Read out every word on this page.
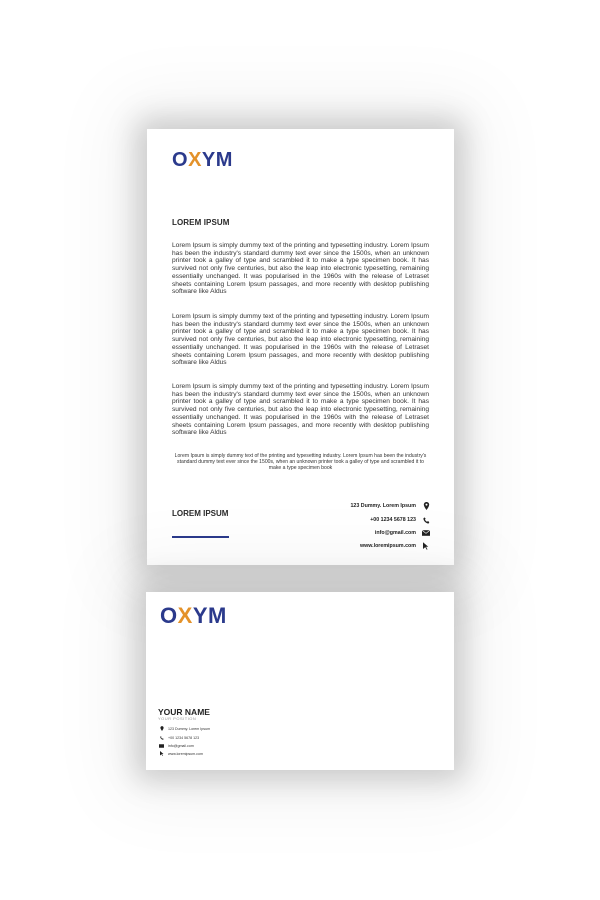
O X YM
LOREM IPSUM

Lorem Ipsum is simply dummy text of the printing and typesetting industry. Lorem Ipsum has been the industry's standard dummy text ever since the 1500s, when an unknown printer took a galley of type and scrambled it to make a type specimen book. It has survived not only five centuries, but also the leap into electronic typesetting, remaining essentially unchanged. It was popularised in the 1960s with the release of Letraset sheets containing Lorem Ipsum passages, and more recently with desktop publishing software like Aldus

Lorem Ipsum is simply dummy text of the printing and typesetting industry. Lorem Ipsum has been the industry's standard dummy text ever since the 1500s, when an unknown printer took a galley of type and scrambled it to make a type specimen book. It has survived not only five centuries, but also the leap into electronic typesetting, remaining essentially unchanged. It was popularised in the 1960s with the release of Letraset sheets containing Lorem Ipsum passages, and more recently with desktop publishing software like Aldus

Lorem Ipsum is simply dummy text of the printing and typesetting industry. Lorem Ipsum has been the industry's standard dummy text ever since the 1500s, when an unknown printer took a galley of type and scrambled it to make a type specimen book. It has survived not only five centuries, but also the leap into electronic typesetting, remaining essentially unchanged. It was popularised in the 1960s with the release of Letraset sheets containing Lorem Ipsum passages, and more recently with desktop publishing software like Aldus

Lorem Ipsum is simply dummy text of the printing and typesetting industry. Lorem Ipsum has been the industry's standard dummy text ever since the 1500s, when an unknown printer took a galley of type and scrambled it to make a type specimen book

LOREM IPSUM
123 Dummy. Lorem Ipsum
+00 1234 5678 123
info@gmail.com
www.loremipsum.com
O X YM
YOUR NAME
YOUR POSITION
123 Dummy. Lorem Ipsum
+00 1234 5678 123
info@gmail.com
www.loremipsum.com
